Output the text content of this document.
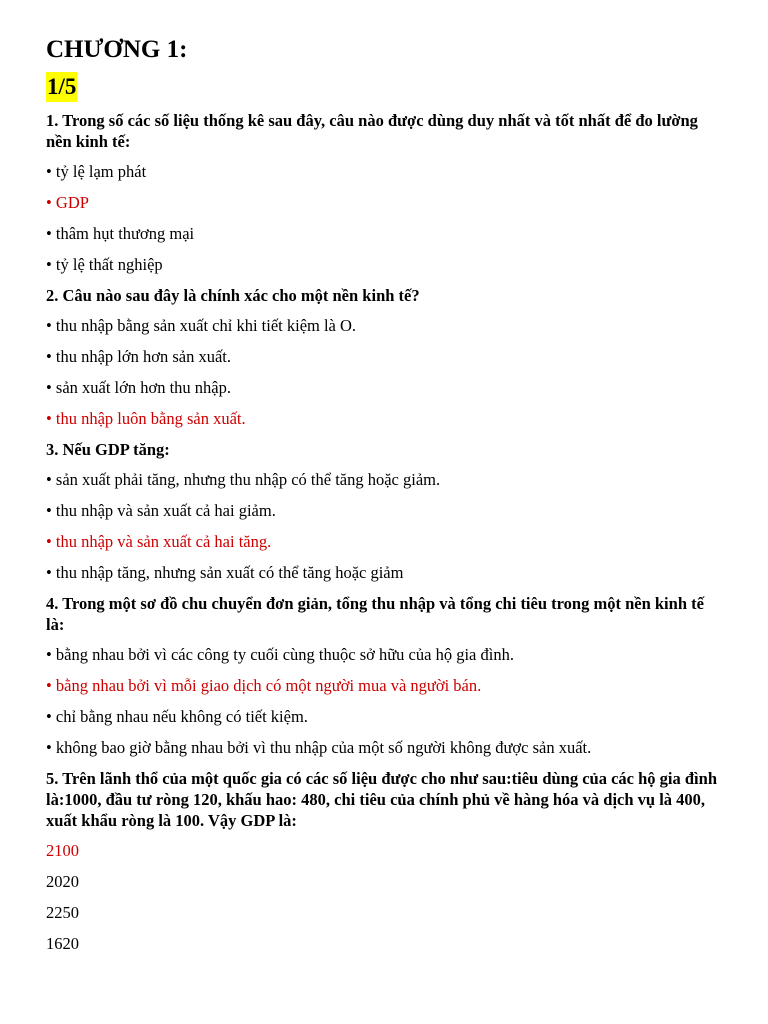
CHƯƠNG 1:
1/5
1. Trong số các số liệu thống kê sau đây, câu nào được dùng duy nhất và tốt nhất để đo lường nền kinh tế:
• tỷ lệ lạm phát
• GDP
• thâm hụt thương mại
• tỷ lệ thất nghiệp
2. Câu nào sau đây là chính xác cho một nền kinh tế?
• thu nhập bằng sản xuất chỉ khi tiết kiệm là O.
• thu nhập lớn hơn sản xuất.
• sản xuất lớn hơn thu nhập.
• thu nhập luôn bằng sản xuất.
3. Nếu GDP tăng:
• sản xuất phải tăng, nhưng thu nhập có thể tăng hoặc giảm.
• thu nhập và sản xuất cả hai giảm.
• thu nhập và sản xuất cả hai tăng.
• thu nhập tăng, nhưng sản xuất có thể tăng hoặc giảm
4. Trong một sơ đồ chu chuyển đơn giản, tổng thu nhập và tổng chi tiêu trong một nền kinh tế là:
• bằng nhau bởi vì các công ty cuối cùng thuộc sở hữu của hộ gia đình.
• bằng nhau bởi vì mỗi giao dịch có một người mua và người bán.
• chỉ bằng nhau nếu không có tiết kiệm.
• không bao giờ bằng nhau bởi vì thu nhập của một số người không được sản xuất.
5. Trên lãnh thổ của một quốc gia có các số liệu được cho như sau:tiêu dùng của các hộ gia đình là:1000, đầu tư ròng 120, khấu hao: 480, chi tiêu của chính phủ về hàng hóa và dịch vụ là 400, xuất khẩu ròng là 100. Vậy GDP là:
2100
2020
2250
1620
